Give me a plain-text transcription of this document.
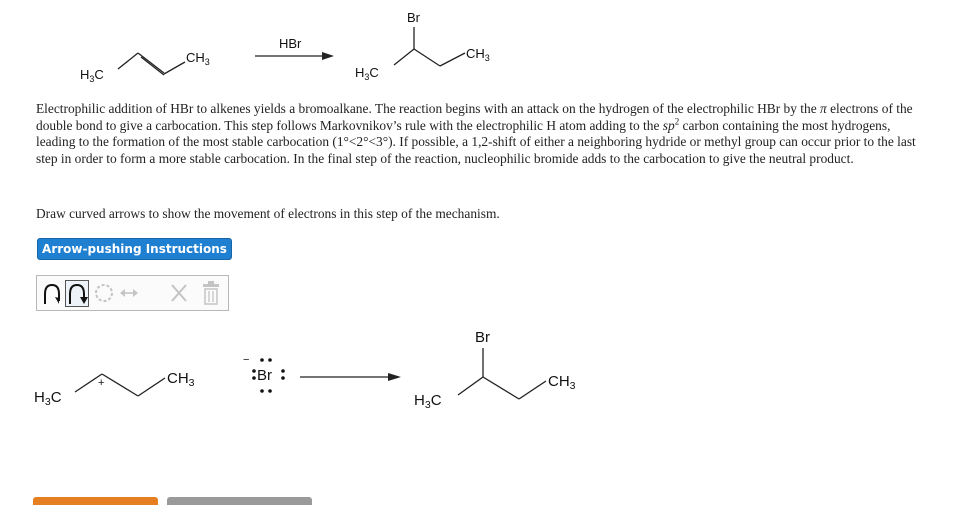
$H_3C$
$CH_3$
HBr
Br
$H_3C$
$CH_3$
+
$H_3C$
$CH_3$	Br
−
Br
$H_3C$
$CH_3$

Electrophilic addition of HBr to alkenes yields a bromoalkane. The reaction begins with an attack on the hydrogen of the electrophilic HBr by the π electrons of the double bond to give a carbocation. This step follows Markovnikov’s rule with the electrophilic H atom adding to the $sp^2$ carbon containing the most hydrogens, leading to the formation of the most stable carbocation (1°<2°<3°). If possible, a 1,2-shift of either a neighboring hydride or methyl group can occur prior to the last step in order to form a more stable carbocation. In the final step of the reaction, nucleophilic bromide adds to the carbocation to give the neutral product.

Draw curved arrows to show the movement of electrons in this step of the mechanism.

Arrow-pushing Instructions
